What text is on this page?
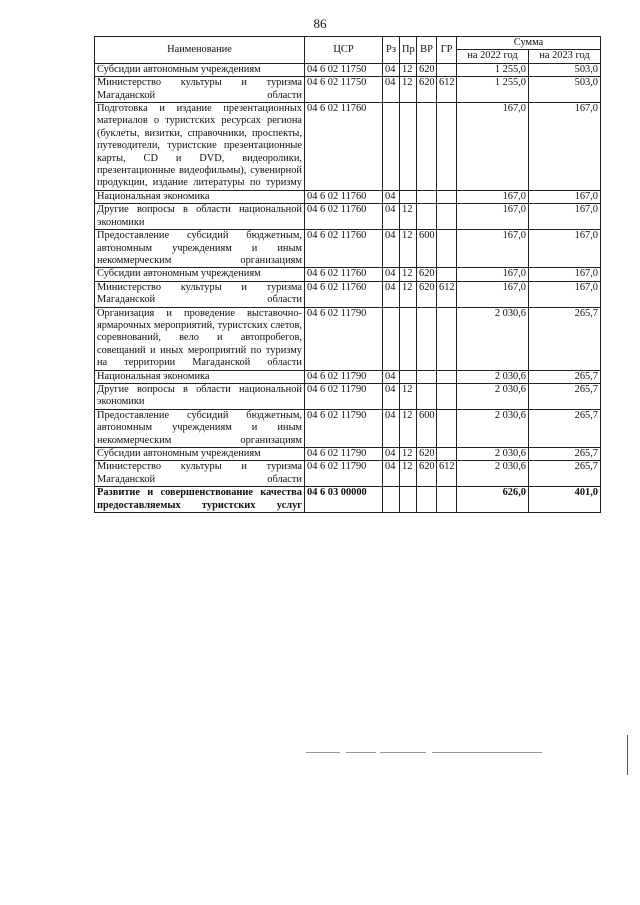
86
Наименование	ЦСР	Рз	Пр	ВР	ГР	Сумма	
						на 2022 год	на 2023 год
Субсидии автономным учреждениям	04 6 02 11750	04	12	620		1 255,0	503,0
Министерство культуры и туризма Магаданской области	04 6 02 11750	04	12	620	612	1 255,0	503,0
Подготовка и издание презентационных материалов о туристских ресурсах региона (буклеты, визитки, справочники, проспекты, путеводители, туристские презентационные карты, CD и DVD, видеоролики, презентационные видеофильмы), сувенирной продукции, издание литературы по туризму	04 6 02 11760					167,0	167,0
Национальная экономика	04 6 02 11760	04				167,0	167,0
Другие вопросы в области национальной экономики	04 6 02 11760	04	12			167,0	167,0
Предоставление субсидий бюджетным, автономным учреждениям и иным некоммерческим организациям	04 6 02 11760	04	12	600		167,0	167,0
Субсидии автономным учреждениям	04 6 02 11760	04	12	620		167,0	167,0
Министерство культуры и туризма Магаданской области	04 6 02 11760	04	12	620	612	167,0	167,0
Организация и проведение выставочно-ярмарочных мероприятий, туристских слетов, соревнований, вело и автопробегов, совещаний и иных мероприятий по туризму на территории Магаданской области	04 6 02 11790					2 030,6	265,7
Национальная экономика	04 6 02 11790	04				2 030,6	265,7
Другие вопросы в области национальной экономики	04 6 02 11790	04	12			2 030,6	265,7
Предоставление субсидий бюджетным, автономным учреждениям и иным некоммерческим организациям	04 6 02 11790	04	12	600		2 030,6	265,7
Субсидии автономным учреждениям	04 6 02 11790	04	12	620		2 030,6	265,7
Министерство культуры и туризма Магаданской области	04 6 02 11790	04	12	620	612	2 030,6	265,7
Развитие и совершенствование качества предоставляемых туристских услуг	04 6 03 00000					626,0	401,0
